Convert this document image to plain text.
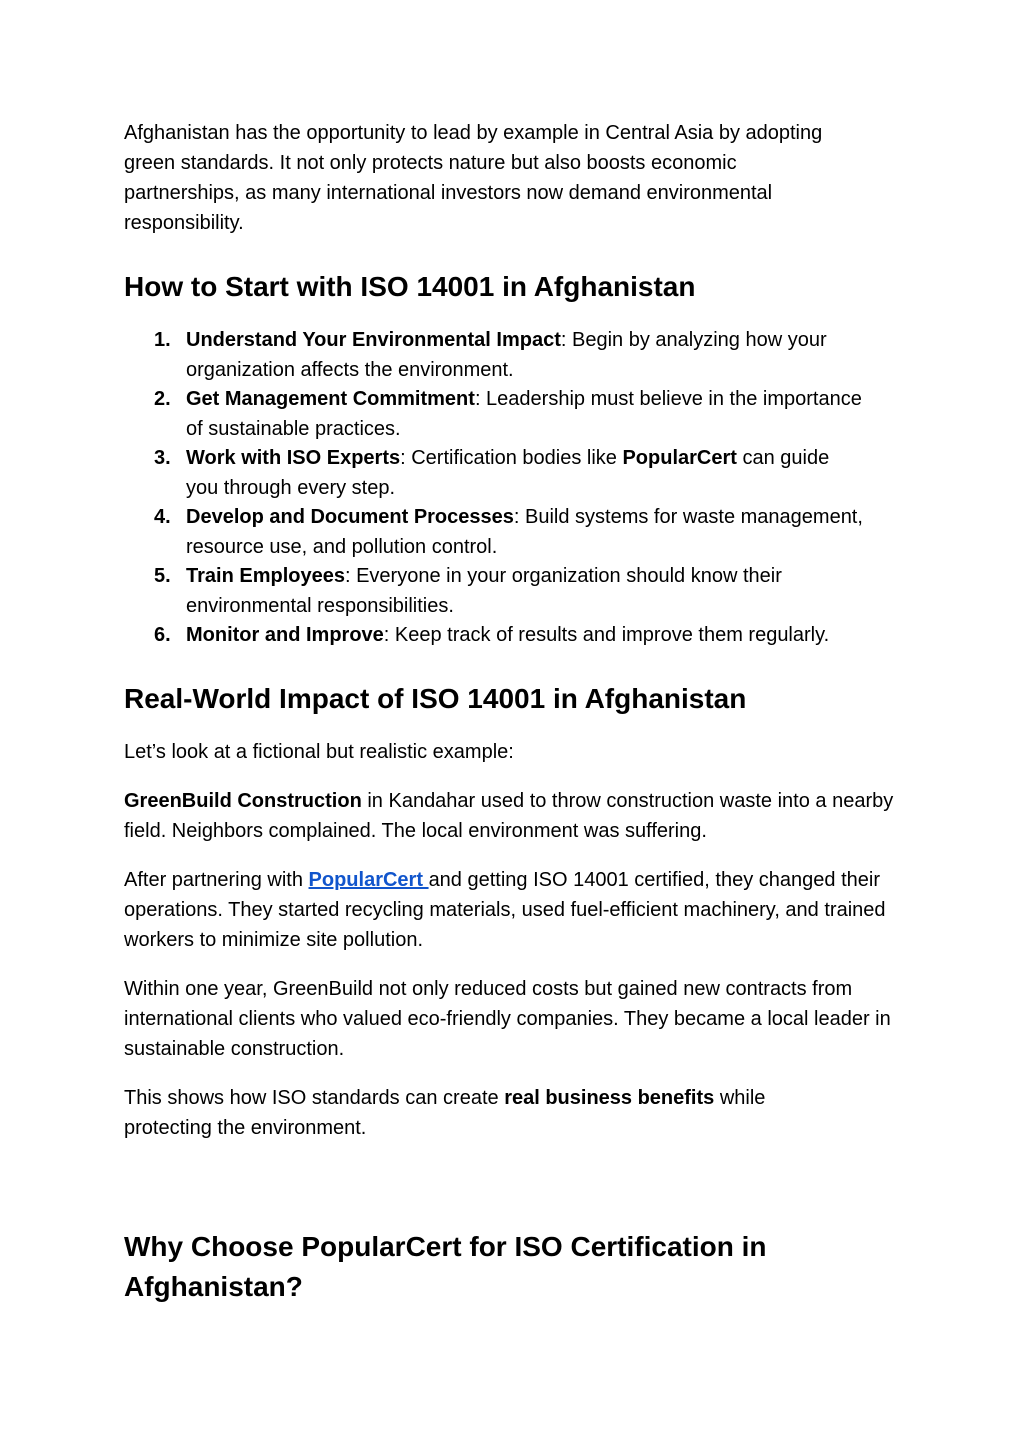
Afghanistan has the opportunity to lead by example in Central Asia by adopting green standards. It not only protects nature but also boosts economic partnerships, as many international investors now demand environmental responsibility.

How to Start with ISO 14001 in Afghanistan
1. Understand Your Environmental Impact: Begin by analyzing how your organization affects the environment.
2. Get Management Commitment: Leadership must believe in the importance of sustainable practices.
3. Work with ISO Experts: Certification bodies like PopularCert can guide you through every step.
4. Develop and Document Processes: Build systems for waste management, resource use, and pollution control.
5. Train Employees: Everyone in your organization should know their environmental responsibilities.
6. Monitor and Improve: Keep track of results and improve them regularly.
Real-World Impact of ISO 14001 in Afghanistan

Let’s look at a fictional but realistic example:

GreenBuild Construction in Kandahar used to throw construction waste into a nearby field. Neighbors complained. The local environment was suffering.

After partnering with PopularCert and getting ISO 14001 certified, they changed their operations. They started recycling materials, used fuel-efficient machinery, and trained workers to minimize site pollution.

Within one year, GreenBuild not only reduced costs but gained new contracts from international clients who valued eco-friendly companies. They became a local leader in sustainable construction.

This shows how ISO standards can create real business benefits while protecting the environment.

Why Choose PopularCert for ISO Certification in Afghanistan?
